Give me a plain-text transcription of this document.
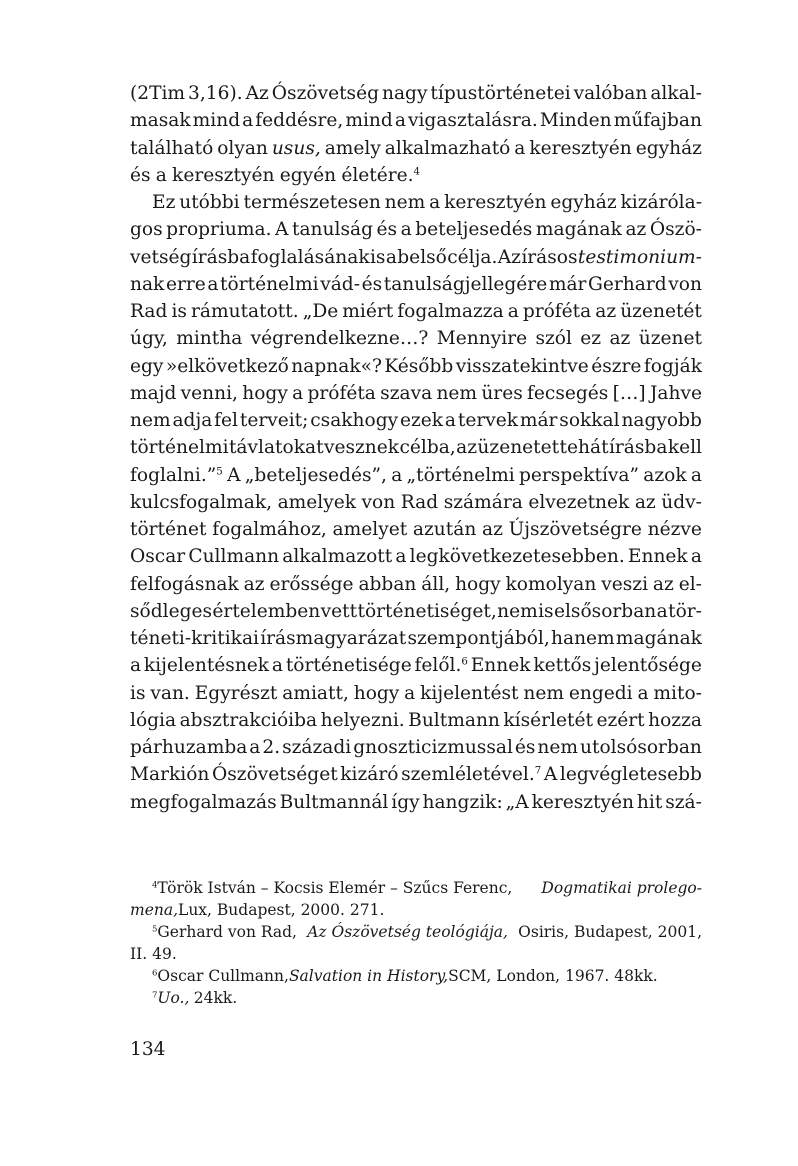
(2Tim 3,16). Az Ószövetség nagy típustörténetei valóban alkal-
masak mind a feddésre, mind a vigasztalásra. Minden műfajban
található olyan usus, amely alkalmazható a keresztyén egyház
és a keresztyén egyén életére.$^4$
Ez utóbbi természetesen nem a keresztyén egyház kizáróla-
gos propriuma. A tanulság és a beteljesedés magának az Ószö-
vetség írásba foglalásának is a belső célja. Az írásos testimonium-
nak erre a történelmi vád- és tanulságjellegére már Gerhard von
Rad is rámutatott. „De miért fogalmazza a próféta az üzenetét
úgy, mintha végrendelkezne…? Mennyire szól ez az üzenet
egy »elkövetkező napnak«? Később visszatekintve észre fogják
majd venni, hogy a próféta szava nem üres fecsegés […] Jahve
nem adja fel terveit; csakhogy ezek a tervek már sokkal nagyobb
történelmi távlatokat vesznek célba, az üzenetet tehát írásba kell
foglalni.”$^5$ A „beteljesedés”, a „történelmi perspektíva” azok a
kulcsfogalmak, amelyek von Rad számára elvezetnek az üdv-
történet fogalmához, amelyet azután az Újszövetségre nézve
Oscar Cullmann alkalmazott a legkövetkezetesebben. Ennek a
felfogásnak az erőssége abban áll, hogy komolyan veszi az el-
sődleges értelemben vett történetiséget, nem is elsősorban a tör-
téneti-kritikai írásmagyarázat szempontjából, hanem magának
a kijelentésnek a történetisége felől.$^6$ Ennek kettős jelentősége
is van. Egyrészt amiatt, hogy a kijelentést nem engedi a mito-
lógia absztrakcióiba helyezni. Bultmann kísérletét ezért hozza
párhuzamba a 2. századi gnoszticizmussal és nem utolsósorban
Markión Ószövetséget kizáró szemléletével.$^7$ A legvégletesebb
megfogalmazás Bultmannál így hangzik: „A keresztyén hit szá-
$^4$Török István – Kocsis Elemér – Szűcs Ferenc, Dogmatikai prolego-
mena, Lux, Budapest, 2000. 271.
$^5$Gerhard von Rad, Az Ószövetség teológiája, Osiris, Budapest, 2001,
II. 49.
$^6$Oscar Cullmann, Salvation in History, SCM, London, 1967. 48kk.
$^7$Uo., 24kk.
134
